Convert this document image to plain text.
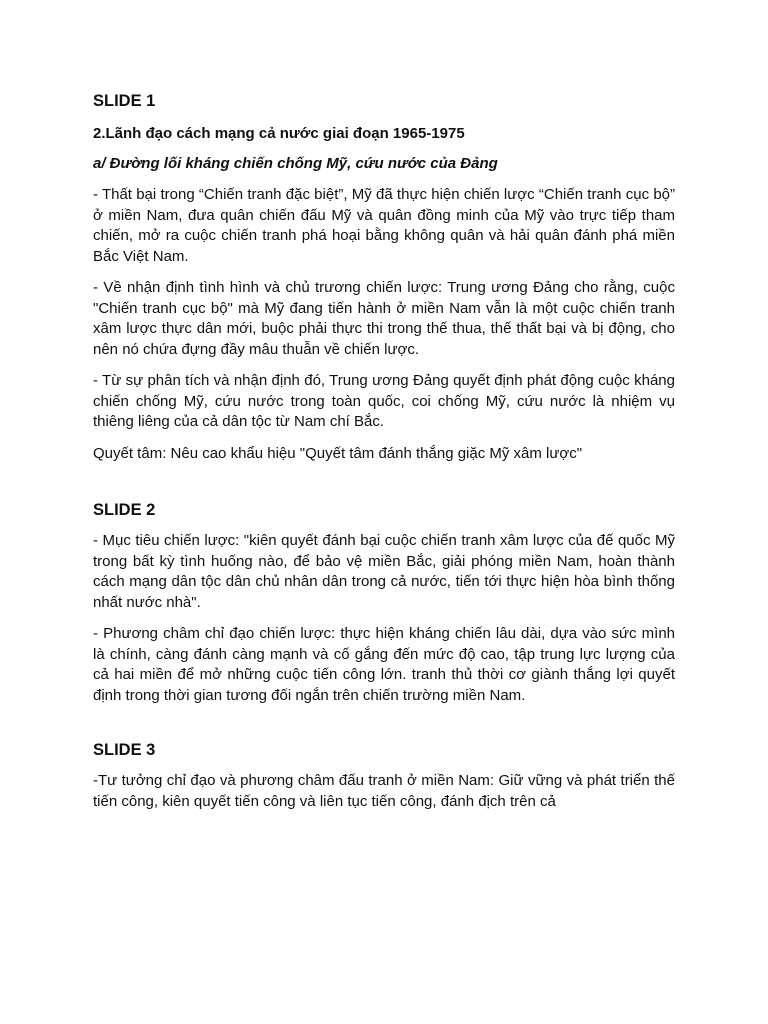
SLIDE 1
2.Lãnh đạo cách mạng cả nước giai đoạn 1965-1975
a/ Đường lối kháng chiến chống Mỹ, cứu nước của Đảng

- Thất bại trong “Chiến tranh đặc biệt”, Mỹ đã thực hiện chiến lược “Chiến tranh cục bộ” ở miền Nam, đưa quân chiến đấu Mỹ và quân đồng minh của Mỹ vào trực tiếp tham chiến, mở ra cuộc chiến tranh phá hoại bằng không quân và hải quân đánh phá miền Bắc Việt Nam.

- Về nhận định tình hình và chủ trương chiến lược: Trung ương Đảng cho rằng, cuộc "Chiến tranh cục bộ" mà Mỹ đang tiến hành ở miền Nam vẫn là một cuộc chiến tranh xâm lược thực dân mới, buộc phải thực thi trong thế thua, thế thất bại và bị động, cho nên nó chứa đựng đầy mâu thuẫn về chiến lược.

- Từ sự phân tích và nhận định đó, Trung ương Đảng quyết định phát động cuộc kháng chiến chống Mỹ, cứu nước trong toàn quốc, coi chống Mỹ, cứu nước là nhiệm vụ thiêng liêng của cả dân tộc từ Nam chí Bắc.

Quyết tâm: Nêu cao khẩu hiệu "Quyết tâm đánh thắng giặc Mỹ xâm lược"

SLIDE 2

- Mục tiêu chiến lược: "kiên quyết đánh bại cuộc chiến tranh xâm lược của đế quốc Mỹ trong bất kỳ tình huống nào, để bảo vệ miền Bắc, giải phóng miền Nam, hoàn thành cách mạng dân tộc dân chủ nhân dân trong cả nước, tiến tới thực hiện hòa bình thống nhất nước nhà".

- Phương châm chỉ đạo chiến lược: thực hiện kháng chiến lâu dài, dựa vào sức mình là chính, càng đánh càng mạnh và cố gắng đến mức độ cao, tập trung lực lượng của cả hai miền để mở những cuộc tiến công lớn. tranh thủ thời cơ giành thắng lợi quyết định trong thời gian tương đối ngắn trên chiến trường miền Nam.

SLIDE 3

-Tư tưởng chỉ đạo và phương châm đấu tranh ở miền Nam: Giữ vững và phát triển thế tiến công, kiên quyết tiến công và liên tục tiến công, đánh địch trên cả
